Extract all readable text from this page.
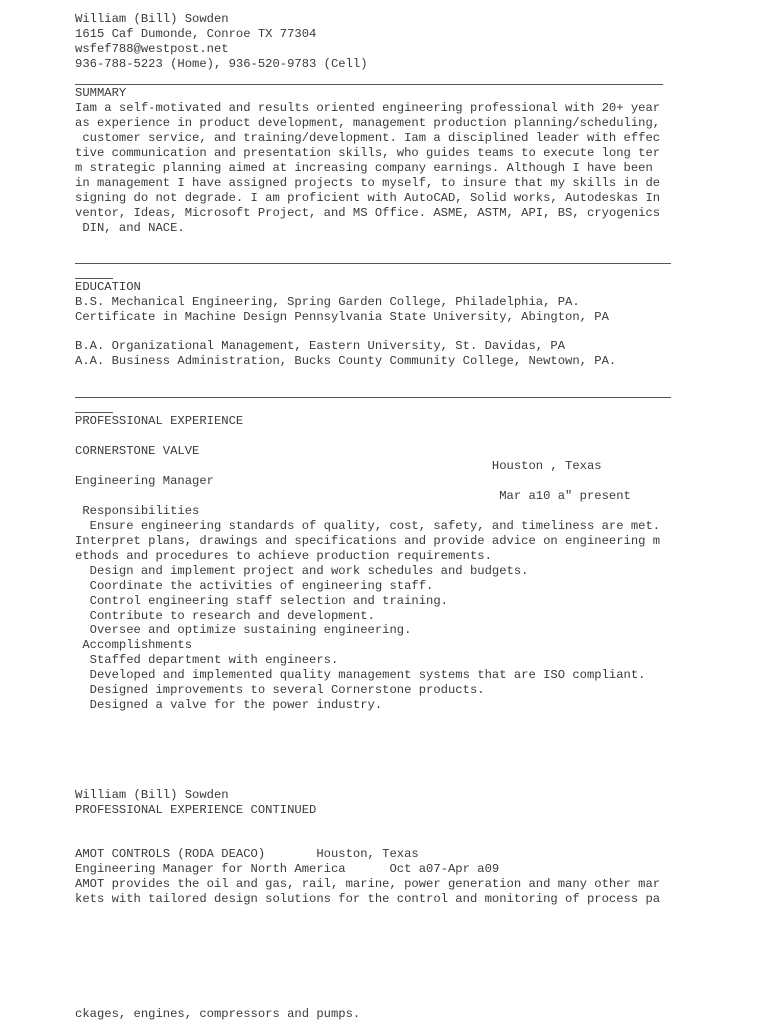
William (Bill) Sowden
1615 Caf Dumonde, Conroe TX 77304
wsfef788@westpost.net
936-788-5223 (Home), 936-520-9783 (Cell)
SUMMARY
Iam a self-motivated and results oriented engineering professional with 20+ year
as experience in product development, management production planning/scheduling,
customer service, and training/development. Iam a disciplined leader with effec
tive communication and presentation skills, who guides teams to execute long ter
m strategic planning aimed at increasing company earnings. Although I have been
in management I have assigned projects to myself, to insure that my skills in de
signing do not degrade. I am proficient with AutoCAD, Solid works, Autodeskas In
ventor, Ideas, Microsoft Project, and MS Office. ASME, ASTM, API, BS, cryogenics
DIN, and NACE.
EDUCATION
B.S. Mechanical Engineering, Spring Garden College, Philadelphia, PA.
Certificate in Machine Design Pennsylvania State University, Abington, PA
B.A. Organizational Management, Eastern University, St. Davidas, PA
A.A. Business Administration, Bucks County Community College, Newtown, PA.
PROFESSIONAL EXPERIENCE
CORNERSTONE VALVE
Houston , Texas
Engineering Manager
Mar a10 a" present
Responsibilities
Ensure engineering standards of quality, cost, safety, and timeliness are met.
Interpret plans, drawings and specifications and provide advice on engineering m
ethods and procedures to achieve production requirements.
Design and implement project and work schedules and budgets.
Coordinate the activities of engineering staff.
Control engineering staff selection and training.
Contribute to research and development.
Oversee and optimize sustaining engineering.
Accomplishments
Staffed department with engineers.
Developed and implemented quality management systems that are ISO compliant.
Designed improvements to several Cornerstone products.
Designed a valve for the power industry.
William (Bill) Sowden
PROFESSIONAL EXPERIENCE CONTINUED
AMOT CONTROLS (RODA DEACO)       Houston, Texas
Engineering Manager for North America      Oct a07-Apr a09
AMOT provides the oil and gas, rail, marine, power generation and many other mar
kets with tailored design solutions for the control and monitoring of process pa
ckages, engines, compressors and pumps.
